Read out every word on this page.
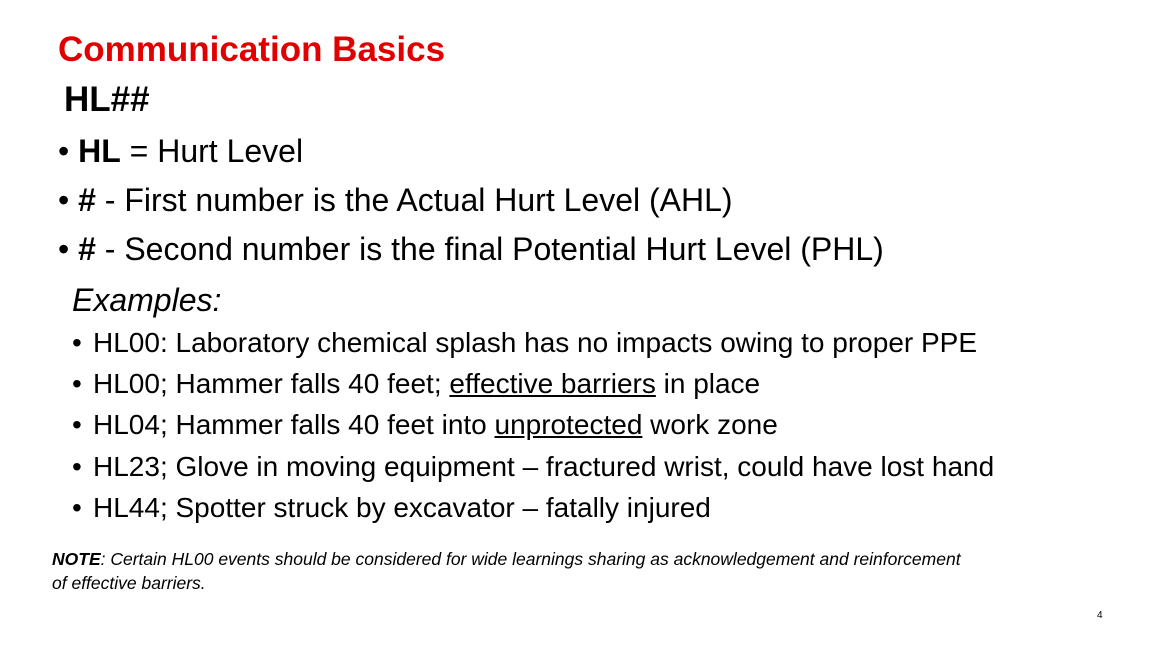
Communication Basics
HL##
• HL = Hurt Level
• # - First number is the Actual Hurt Level (AHL)
• # - Second number is the final Potential Hurt Level (PHL)
Examples:
• HL00: Laboratory chemical splash has no impacts owing to proper PPE
• HL00; Hammer falls 40 feet; effective barriers in place
• HL04; Hammer falls 40 feet into unprotected work zone
• HL23; Glove in moving equipment – fractured wrist, could have lost hand
• HL44; Spotter struck by excavator – fatally injured
NOTE: Certain HL00 events should be considered for wide learnings sharing as acknowledgement and reinforcement
of effective barriers.
4
